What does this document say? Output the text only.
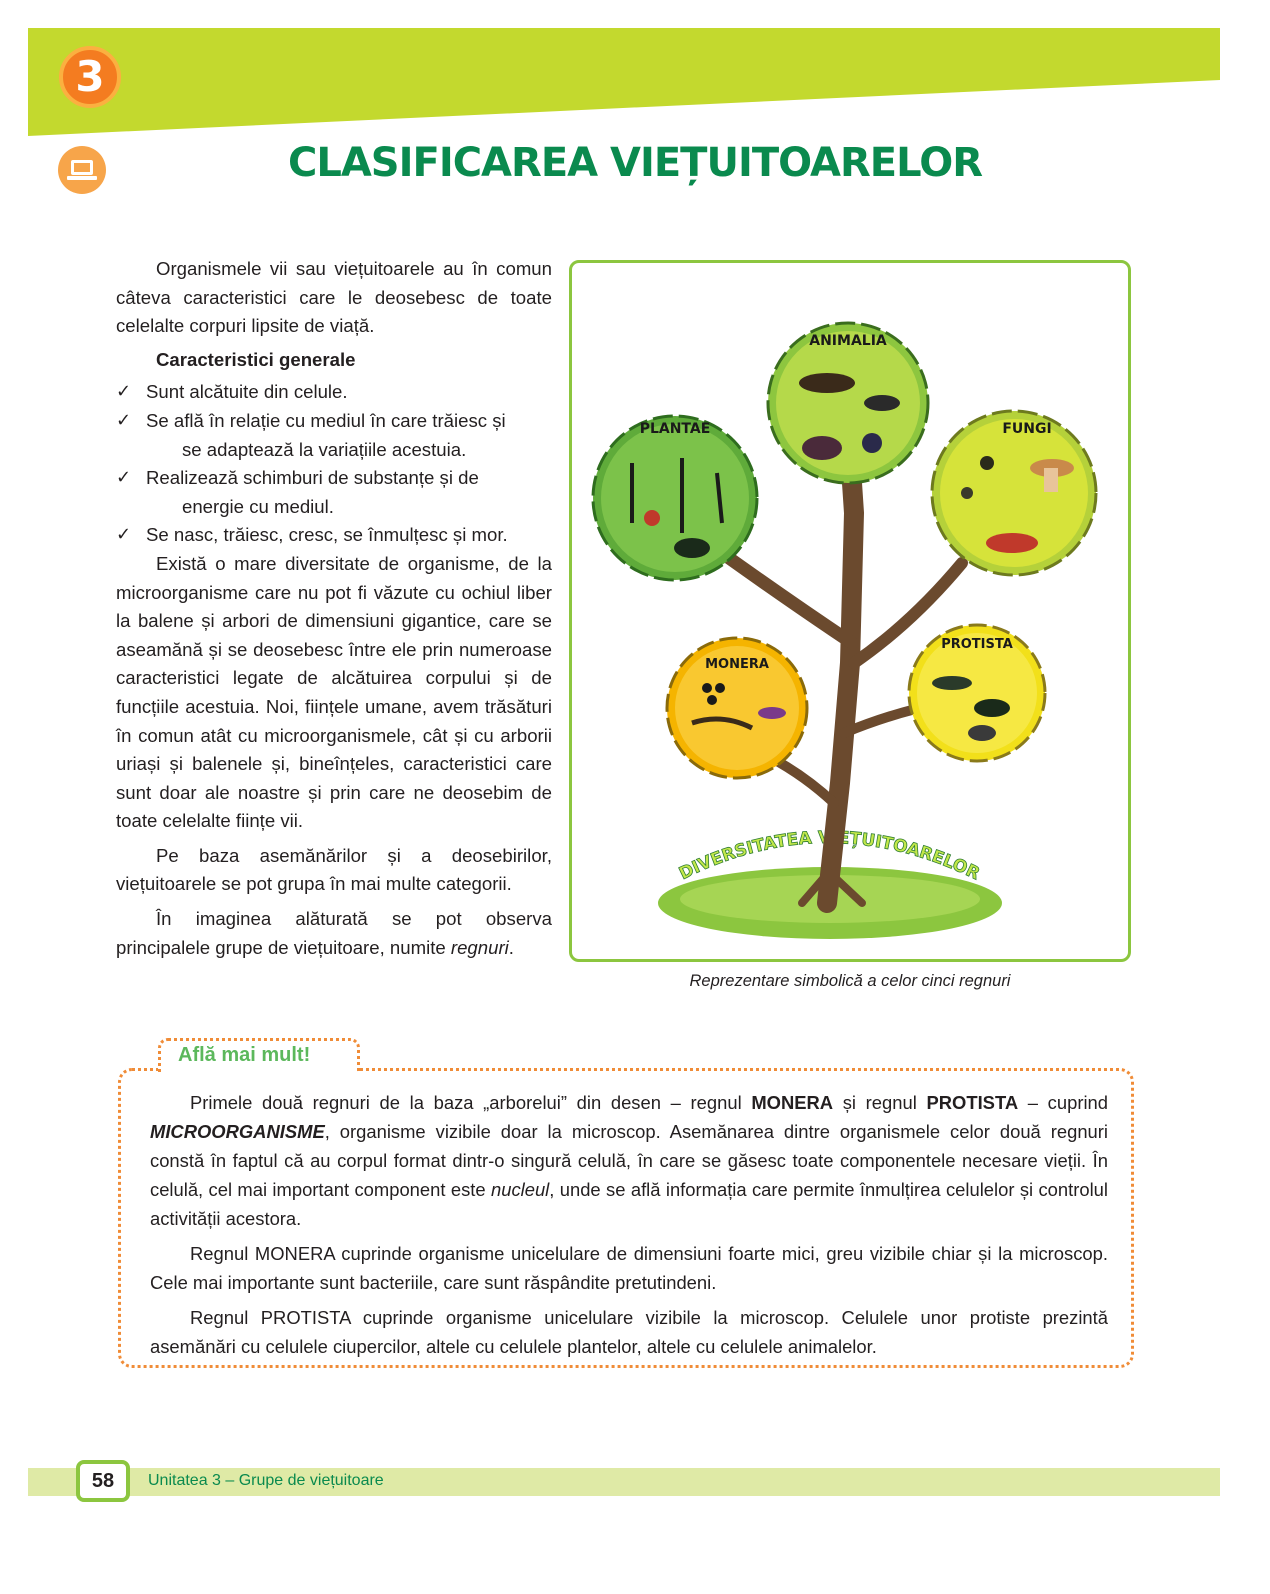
3
CLASIFICAREA VIEȚUITOARELOR

Organismele vii sau viețuitoarele au în comun câteva caracteristici care le deosebesc de toate celelalte corpuri lipsite de viață.

Caracteristici generale

✓ Sunt alcătuite din celule.
✓ Se află în relație cu mediul în care trăiesc și
se adaptează la variațiile acestuia.
✓ Realizează schimburi de substanțe și de
energie cu mediul.
✓ Se nasc, trăiesc, cresc, se înmulțesc și mor.

Există o mare diversitate de organisme, de la microorganisme care nu pot fi văzute cu ochiul liber la balene și arbori de dimensiuni gigantice, care se aseamănă și se deosebesc între ele prin numeroase caracteristici legate de alcătuirea corpului și de funcțiile acestuia. Noi, ființele umane, avem trăsături în comun atât cu microorganismele, cât și cu arborii uriași și balenele și, bineînțeles, caracteristici care sunt doar ale noastre și prin care ne deosebim de toate celelalte ființe vii.

Pe baza asemănărilor și a deosebirilor, viețuitoarele se pot grupa în mai multe categorii.

În imaginea alăturată se pot observa principalele grupe de viețuitoare, numite regnuri.

DIVERSITATEA VIEȚUITOARELOR
ANIMALIA
PLANTAE	FUNGI
PROTISTA
MONERA
Reprezentare simbolică a celor cinci regnuri
Află mai mult!

Primele două regnuri de la baza „arborelui” din desen – regnul MONERA și regnul PROTISTA – cuprind MICROORGANISME, organisme vizibile doar la microscop. Asemănarea dintre organismele celor două regnuri constă în faptul că au corpul format dintr-o singură celulă, în care se găsesc toate componentele necesare vieții. În celulă, cel mai important component este nucleul, unde se află informația care permite înmulțirea celulelor și controlul activității acestora.

Regnul MONERA cuprinde organisme unicelulare de dimensiuni foarte mici, greu vizibile chiar și la microscop. Cele mai importante sunt bacteriile, care sunt răspândite pretutindeni.

Regnul PROTISTA cuprinde organisme unicelulare vizibile la microscop. Celulele unor protiste prezintă asemănări cu celulele ciupercilor, altele cu celulele plantelor, altele cu celulele animalelor.

58	Unitatea 3 – Grupe de viețuitoare
